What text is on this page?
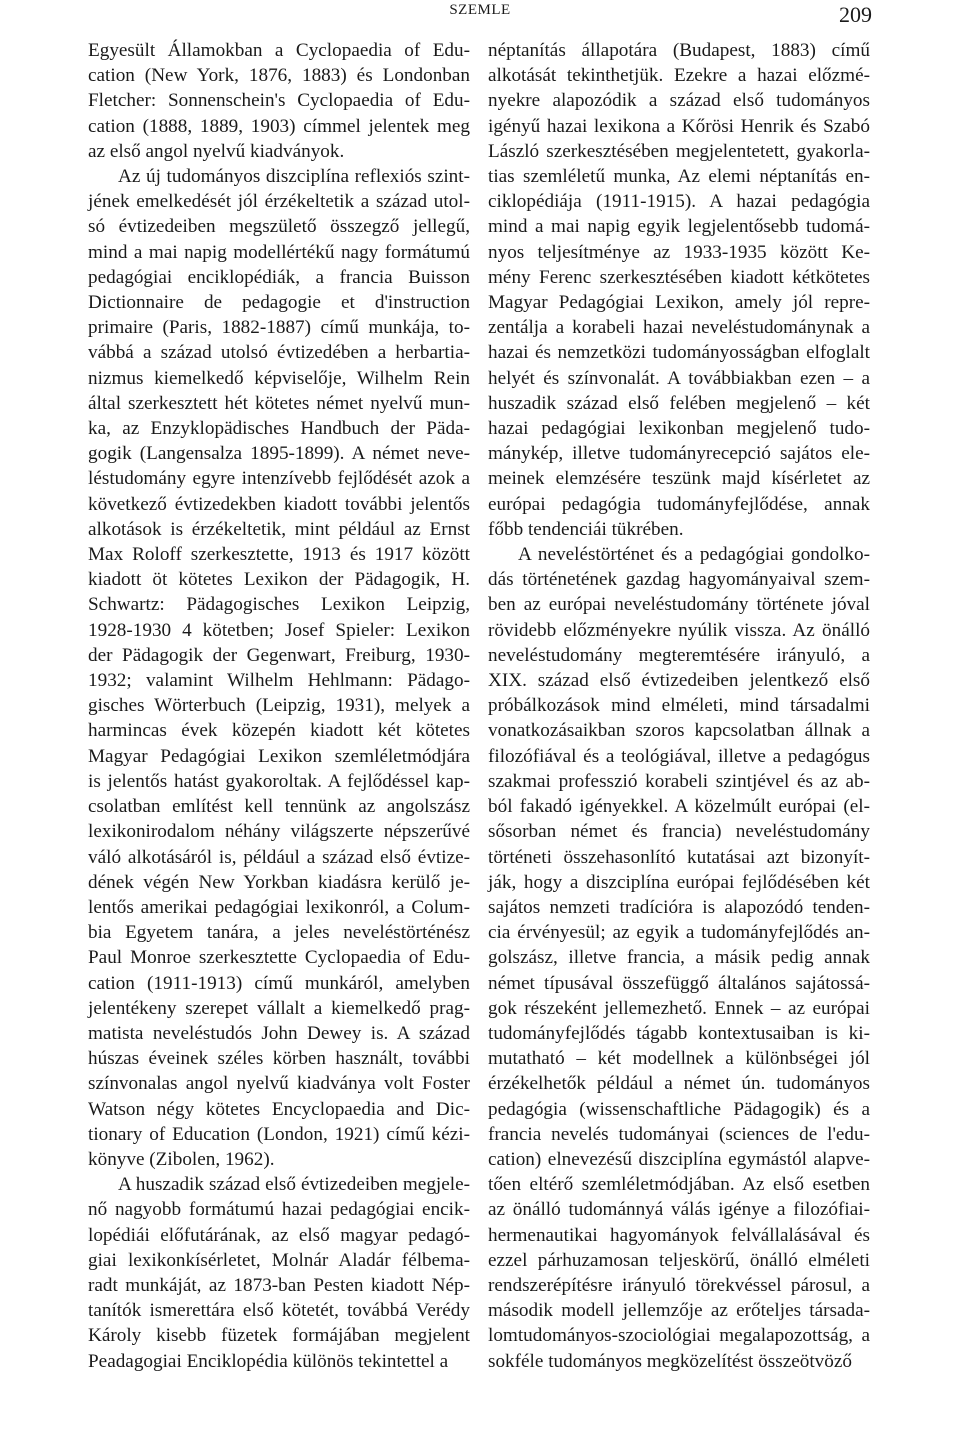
SZEMLE	209
Egyesült Államokban a Cyclopaedia of Edu-
cation (New York, 1876, 1883) és Londonban
Fletcher: Sonnenschein's Cyclopaedia of Edu-
cation (1888, 1889, 1903) címmel jelentek meg
az első angol nyelvű kiadványok.
Az új tudományos diszciplína reflexiós szint-
jének emelkedését jól érzékeltetik a század utol-
só évtizedeiben megszülető összegző jellegű,
mind a mai napig modellértékű nagy formátumú
pedagógiai enciklopédiák, a francia Buisson
Dictionnaire de pedagogie et d'instruction
primaire (Paris, 1882-1887) című munkája, to-
vábbá a század utolsó évtizedében a herbartia-
nizmus kiemelkedő képviselője, Wilhelm Rein
által szerkesztett hét kötetes német nyelvű mun-
ka, az Enzyklopädisches Handbuch der Päda-
gogik (Langensalza 1895-1899). A német neve-
léstudomány egyre intenzívebb fejlődését azok a
következő évtizedekben kiadott további jelentős
alkotások is érzékeltetik, mint például az Ernst
Max Roloff szerkesztette, 1913 és 1917 között
kiadott öt kötetes Lexikon der Pädagogik, H.
Schwartz: Pädagogisches Lexikon Leipzig,
1928-1930 4 kötetben; Josef Spieler: Lexikon
der Pädagogik der Gegenwart, Freiburg, 1930-
1932; valamint Wilhelm Hehlmann: Pädago-
gisches Wörterbuch (Leipzig, 1931), melyek a
harmincas évek közepén kiadott két kötetes
Magyar Pedagógiai Lexikon szemléletmódjára
is jelentős hatást gyakoroltak. A fejlődéssel kap-
csolatban említést kell tennünk az angolszász
lexikonirodalom néhány világszerte népszerűvé
váló alkotásáról is, például a század első évtize-
dének végén New Yorkban kiadásra kerülő je-
lentős amerikai pedagógiai lexikonról, a Colum-
bia Egyetem tanára, a jeles neveléstörténész
Paul Monroe szerkesztette Cyclopaedia of Edu-
cation (1911-1913) című munkáról, amelyben
jelentékeny szerepet vállalt a kiemelkedő prag-
matista neveléstudós John Dewey is. A század
húszas éveinek széles körben használt, további
színvonalas angol nyelvű kiadványa volt Foster
Watson négy kötetes Encyclopaedia and Dic-
tionary of Education (London, 1921) című kézi-
könyve (Zibolen, 1962).
A huszadik század első évtizedeiben megjele-
nő nagyobb formátumú hazai pedagógiai encik-
lopédiái előfutárának, az első magyar pedagó-
giai lexikonkísérletet, Molnár Aladár félbema-
radt munkáját, az 1873-ban Pesten kiadott Nép-
tanítók ismerettára első kötetét, továbbá Verédy
Károly kisebb füzetek formájában megjelent
Peadagogiai Enciklopédia különös tekintettel a
néptanítás állapotára (Budapest, 1883) című
alkotását tekinthetjük. Ezekre a hazai előzmé-
nyekre alapozódik a század első tudományos
igényű hazai lexikona a Kőrösi Henrik és Szabó
László szerkesztésében megjelentetett, gyakorla-
tias szemléletű munka, Az elemi néptanítás en-
ciklopédiája (1911-1915). A hazai pedagógia
mind a mai napig egyik legjelentősebb tudomá-
nyos teljesítménye az 1933-1935 között Ke-
mény Ferenc szerkesztésében kiadott kétkötetes
Magyar Pedagógiai Lexikon, amely jól repre-
zentálja a korabeli hazai neveléstudománynak a
hazai és nemzetközi tudományosságban elfoglalt
helyét és színvonalát. A továbbiakban ezen – a
huszadik század első felében megjelenő – két
hazai pedagógiai lexikonban megjelenő tudo-
mánykép, illetve tudományrecepció sajátos ele-
meinek elemzésére teszünk majd kísérletet az
európai pedagógia tudományfejlődése, annak
főbb tendenciái tükrében.
A neveléstörténet és a pedagógiai gondolko-
dás történetének gazdag hagyományaival szem-
ben az európai neveléstudomány története jóval
rövidebb előzményekre nyúlik vissza. Az önálló
neveléstudomány megteremtésére irányuló, a
XIX. század első évtizedeiben jelentkező első
próbálkozások mind elméleti, mind társadalmi
vonatkozásaikban szoros kapcsolatban állnak a
filozófiával és a teológiával, illetve a pedagógus
szakmai professzió korabeli szintjével és az ab-
ból fakadó igényekkel. A közelmúlt európai (el-
sősorban német és francia) neveléstudomány
történeti összehasonlító kutatásai azt bizonyít-
ják, hogy a diszciplína európai fejlődésében két
sajátos nemzeti tradícióra is alapozódó tenden-
cia érvényesül; az egyik a tudományfejlődés an-
golszász, illetve francia, a másik pedig annak
német típusával összefüggő általános sajátossá-
gok részeként jellemezhető. Ennek – az európai
tudományfejlődés tágabb kontextusaiban is ki-
mutatható – két modellnek a különbségei jól
érzékelhetők például a német ún. tudományos
pedagógia (wissenschaftliche Pädagogik) és a
francia nevelés tudományai (sciences de l'edu-
cation) elnevezésű diszciplína egymástól alapve-
tően eltérő szemléletmódjában. Az első esetben
az önálló tudománnyá válás igénye a filozófiai-
hermenautikai hagyományok felvállalásával és
ezzel párhuzamosan teljeskörű, önálló elméleti
rendszerépítésre irányuló törekvéssel párosul, a
második modell jellemzője az erőteljes társada-
lomtudományos-szociológiai megalapozottság, a
sokféle tudományos megközelítést összeötvöző
